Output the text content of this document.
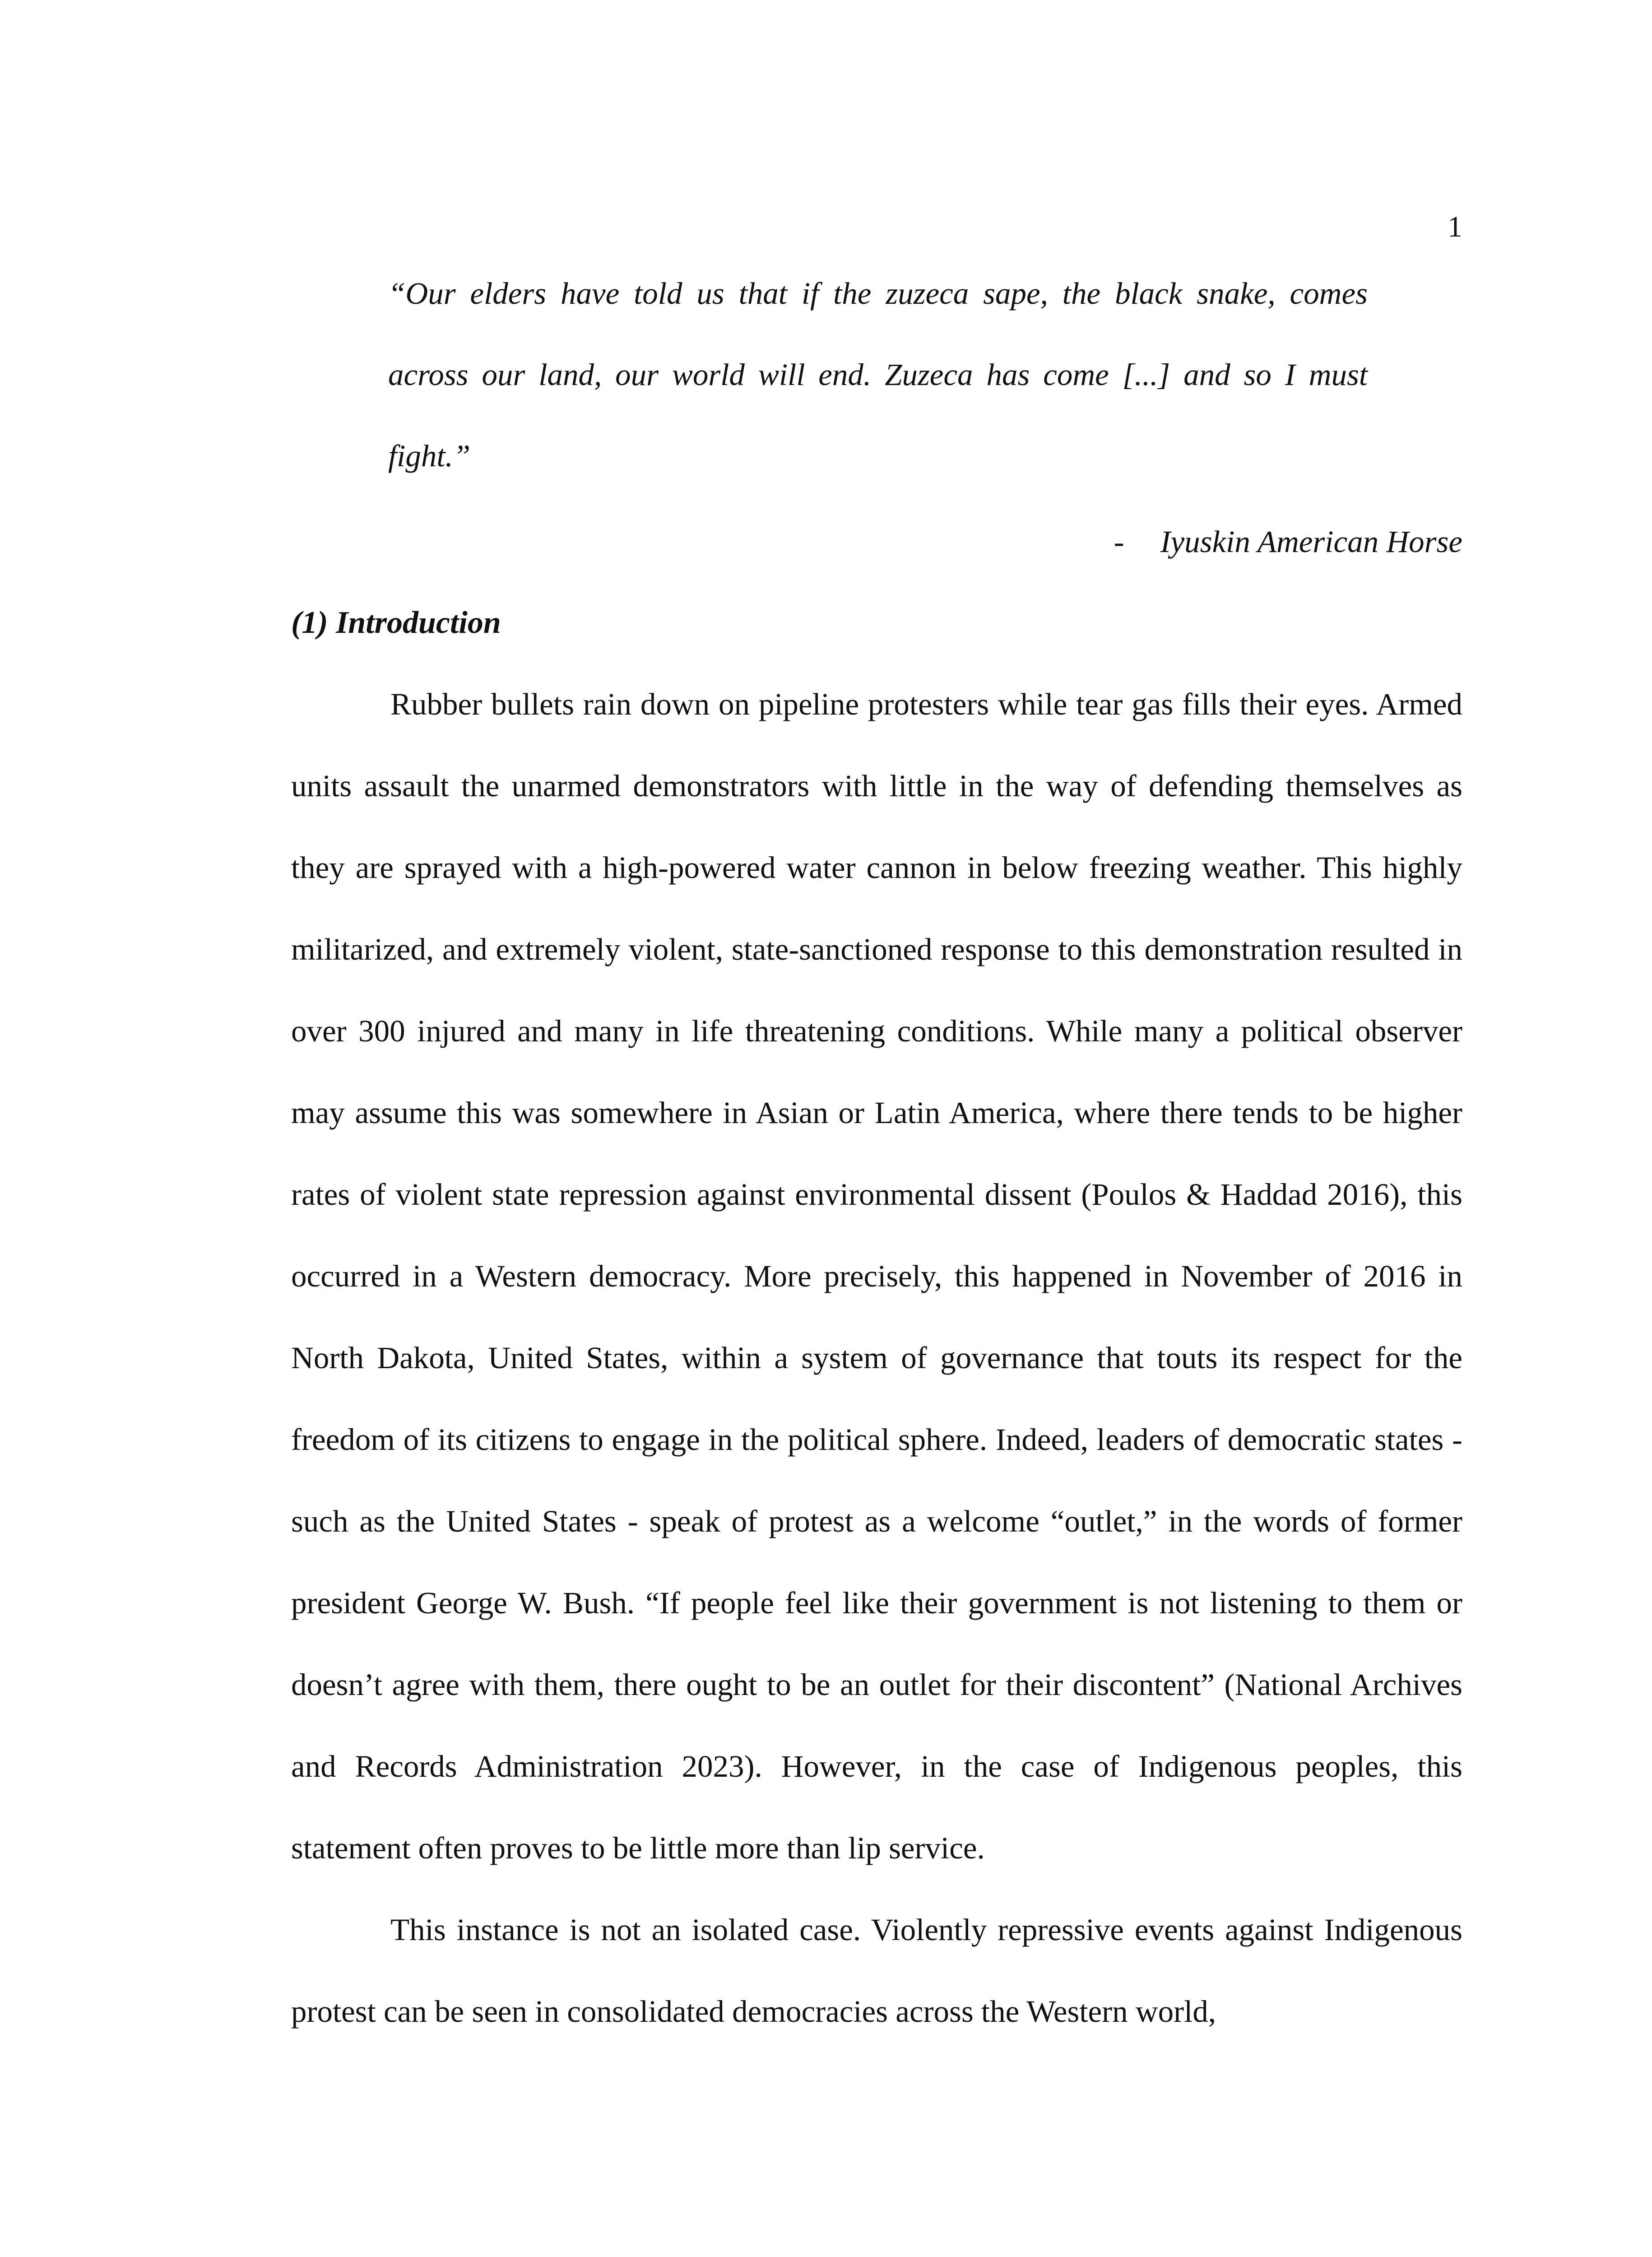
1
“Our elders have told us that if the zuzeca sape, the black snake, comes across our land, our world will end. Zuzeca has come [...] and so I must fight.”
- Iyuskin American Horse
(1) Introduction

Rubber bullets rain down on pipeline protesters while tear gas fills their eyes. Armed units assault the unarmed demonstrators with little in the way of defending themselves as they are sprayed with a high-powered water cannon in below freezing weather. This highly militarized, and extremely violent, state-sanctioned response to this demonstration resulted in over 300 injured and many in life threatening conditions. While many a political observer may assume this was somewhere in Asian or Latin America, where there tends to be higher rates of violent state repression against environmental dissent (Poulos & Haddad 2016), this occurred in a Western democracy. More precisely, this happened in November of 2016 in North Dakota, United States, within a system of governance that touts its respect for the freedom of its citizens to engage in the political sphere. Indeed, leaders of democratic states - such as the United States - speak of protest as a welcome “outlet,” in the words of former president George W. Bush. “If people feel like their government is not listening to them or doesn’t agree with them, there ought to be an outlet for their discontent” (National Archives and Records Administration 2023). However, in the case of Indigenous peoples, this statement often proves to be little more than lip service.

This instance is not an isolated case. Violently repressive events against Indigenous protest can be seen in consolidated democracies across the Western world,
